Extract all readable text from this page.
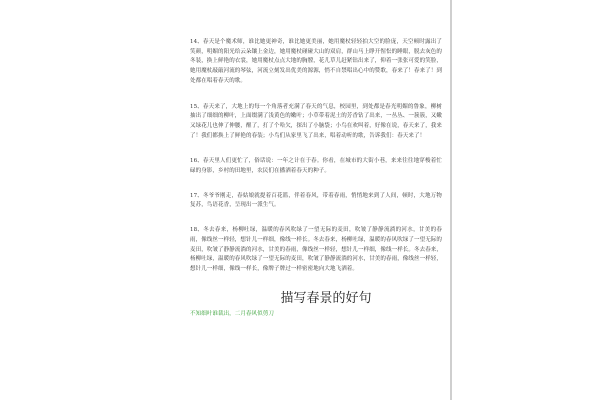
14、春天是个魔术师，谁比她更神奇，谁比她更美丽，她用魔杖轻轻拍大空的脸庞，天空顿时露出了笑颜，明媚的阳光给云朵镶上金边，她用魔杖碰碰大山的双肩，群山马上睁开惺忪的睡眼，脱去灰色的冬装，换上鲜艳的衣裳，她用魔杖点点大地的胸膛，花儿草儿赶紧钻出来了，仰着一张张可爱的笑脸，她用魔杖敲敲河流的琴弦，河流立刻发出优美的源源，悄不自禁唱出心中的赞歌，春来了！春来了！到处都在唱着春天的歌。

15、春天来了，大地上的每一个角落者充满了春天的气息，校园里，到处都是春光明媚的鲁象，柳树抽出了细细的柳叶，上面缀满了浅黄色的嫩叶；小草带着泥土的芳香钻了出来，一丛丛、一簇簇，又嫩又绿花儿也伸了伸腰，醒了，打了个哈欠，探出了小脑袋；小鸟在欢叫着，好像在说，春天来了，我来了！我们都换上了鲜艳的春装；小鸟们从家里飞了出来，唱着动听的歌，告诉我们：春天来了！

16、春天里人们更忙了，俗话说：一年之计在于春。你看，在城市的大街小巷，来来往往地穿梭着忙碌的身影，乡村的田地里，农民们在播洒着春天的种子。

17、冬爷爷刚走，春姑娘就提着百花篮，伴着春风，带着春雨，悄悄地来到了人间，顿时，大地万物复苏，鸟语花香，呈现出一派生气。

18、冬去春来，杨柳吐绿，温暖的春风吹绿了一望无际的麦田，吹皱了静静流淌的河水，甘美的春雨，像线丝一样轻，想针儿一样细，像线一样长。冬去春来，杨柳吐绿，温暖的春风吹绿了一望无际的麦田，吹皱了静静流淌的河水，甘美的春雨，像线丝一样轻，想针儿一样细，像线一样长。冬去春来，杨柳吐绿，温暖的春风吹绿了一望无际的麦田，吹皱了静静流淌的河水，甘美的春雨，像线丝一样轻，想针儿一样细，像线一样长，像牌子牌过一样密密地向大地飞洒着。

描写春景的好句

不知细叶谁裁出，二月春风似剪刀
